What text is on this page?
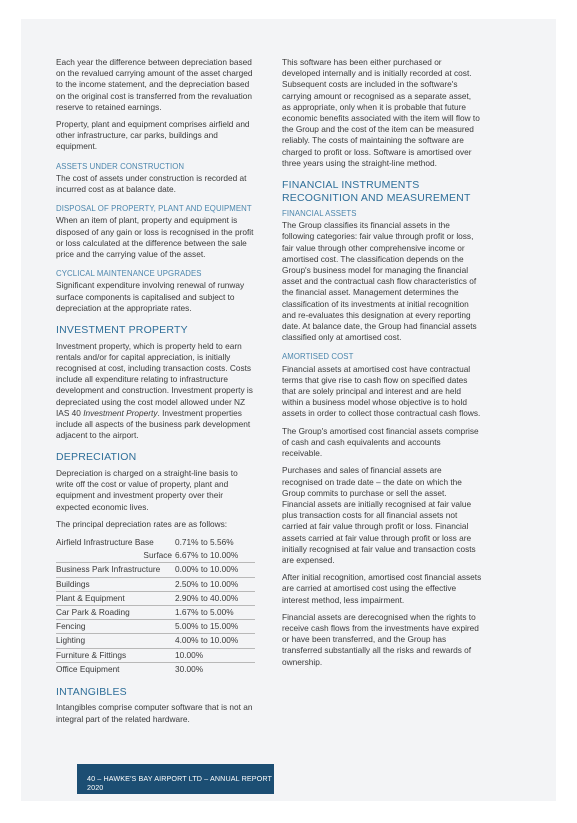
Each year the difference between depreciation based on the revalued carrying amount of the asset charged to the income statement, and the depreciation based on the original cost is transferred from the revaluation reserve to retained earnings.

Property, plant and equipment comprises airfield and other infrastructure, car parks, buildings and equipment.

ASSETS UNDER CONSTRUCTION

The cost of assets under construction is recorded at incurred cost as at balance date.

DISPOSAL OF PROPERTY, PLANT AND EQUIPMENT

When an item of plant, property and equipment is disposed of any gain or loss is recognised in the profit or loss calculated at the difference between the sale price and the carrying value of the asset.

CYCLICAL MAINTENANCE UPGRADES

Significant expenditure involving renewal of runway surface components is capitalised and subject to depreciation at the appropriate rates.

INVESTMENT PROPERTY

Investment property, which is property held to earn rentals and/or for capital appreciation, is initially recognised at cost, including transaction costs. Costs include all expenditure relating to infrastructure development and construction. Investment property is depreciated using the cost model allowed under NZ IAS 40 Investment Property. Investment properties include all aspects of the business park development adjacent to the airport.

DEPRECIATION

Depreciation is charged on a straight-line basis to write off the cost or value of property, plant and equipment and investment property over their expected economic lives.

The principal depreciation rates are as follows:

Airfield Infrastructure Base	0.71% to 5.56%
Surface	6.67% to 10.00%
Business Park Infrastructure	0.00% to 10.00%
Buildings	2.50% to 10.00%
Plant & Equipment	2.90% to 40.00%
Car Park & Roading	1.67% to 5.00%
Fencing	5.00% to 15.00%
Lighting	4.00% to 10.00%
Furniture & Fittings	10.00%
Office Equipment	30.00%
INTANGIBLES

Intangibles comprise computer software that is not an integral part of the related hardware.

This software has been either purchased or developed internally and is initially recorded at cost. Subsequent costs are included in the software's carrying amount or recognised as a separate asset, as appropriate, only when it is probable that future economic benefits associated with the item will flow to the Group and the cost of the item can be measured reliably. The costs of maintaining the software are charged to profit or loss. Software is amortised over three years using the straight-line method.

FINANCIAL INSTRUMENTS RECOGNITION AND MEASUREMENT
FINANCIAL ASSETS

The Group classifies its financial assets in the following categories: fair value through profit or loss, fair value through other comprehensive income or amortised cost. The classification depends on the Group's business model for managing the financial asset and the contractual cash flow characteristics of the financial asset. Management determines the classification of its investments at initial recognition and re-evaluates this designation at every reporting date. At balance date, the Group had financial assets classified only at amortised cost.

AMORTISED COST

Financial assets at amortised cost have contractual terms that give rise to cash flow on specified dates that are solely principal and interest and are held within a business model whose objective is to hold assets in order to collect those contractual cash flows.

The Group's amortised cost financial assets comprise of cash and cash equivalents and accounts receivable.

Purchases and sales of financial assets are recognised on trade date – the date on which the Group commits to purchase or sell the asset. Financial assets are initially recognised at fair value plus transaction costs for all financial assets not carried at fair value through profit or loss. Financial assets carried at fair value through profit or loss are initially recognised at fair value and transaction costs are expensed.

After initial recognition, amortised cost financial assets are carried at amortised cost using the effective interest method, less impairment.

Financial assets are derecognised when the rights to receive cash flows from the investments have expired or have been transferred, and the Group has transferred substantially all the risks and rewards of ownership.

40 – HAWKE'S BAY AIRPORT LTD – ANNUAL REPORT 2020
